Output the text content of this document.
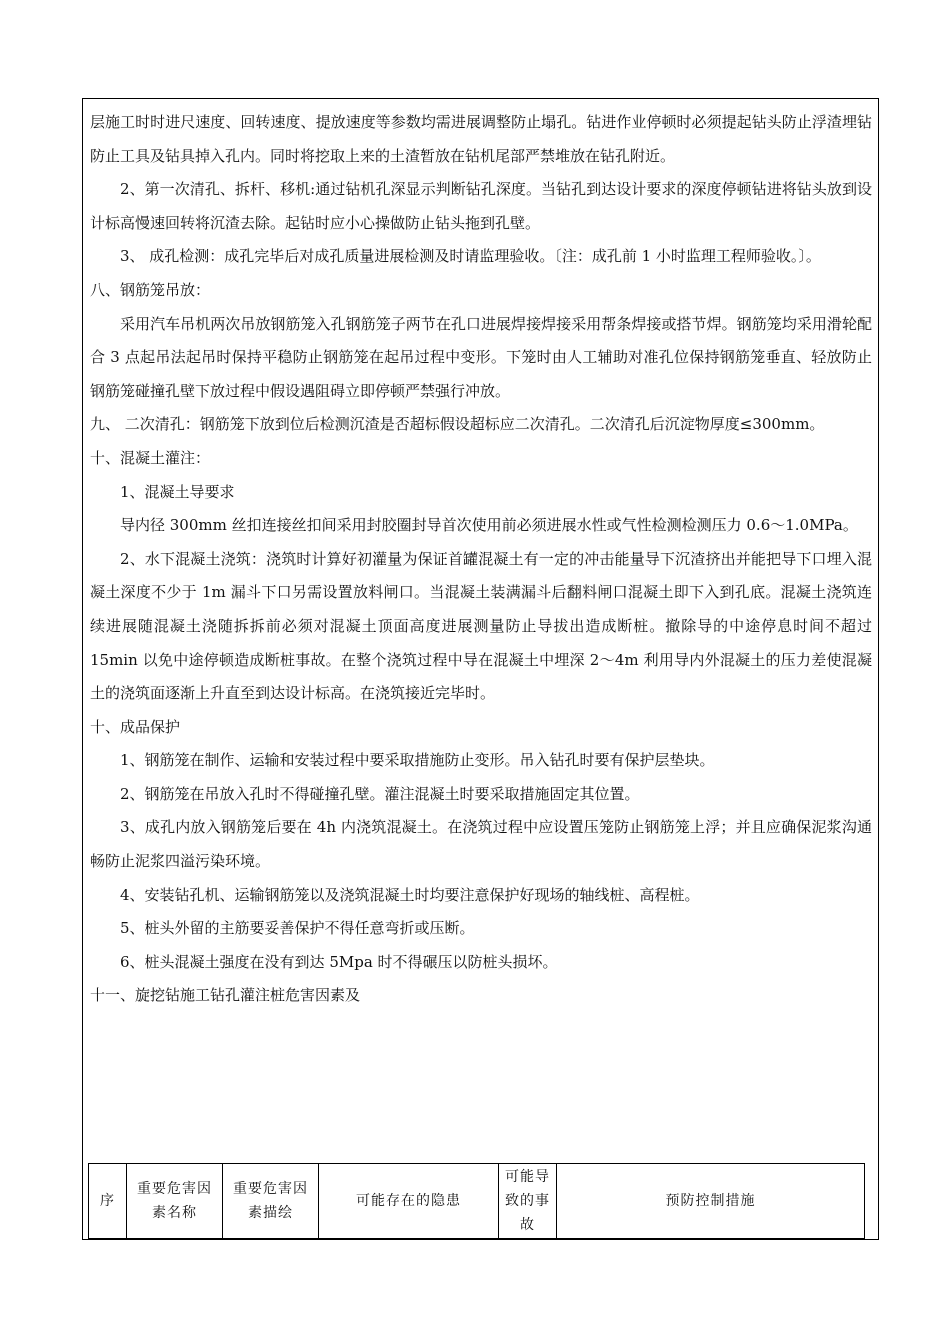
层施工时时进尺速度、回转速度、提放速度等参数均需进展调整防止塌孔。钻进作业停顿时必须提起钻头防止浮渣埋钻防止工具及钻具掉入孔内。同时将挖取上来的土渣暂放在钻机尾部严禁堆放在钻孔附近。

2、第一次清孔、拆杆、移机:通过钻机孔深显示判断钻孔深度。当钻孔到达设计要求的深度停顿钻进将钻头放到设计标高慢速回转将沉渣去除。起钻时应小心操做防止钻头拖到孔壁。

3、 成孔检测：成孔完毕后对成孔质量进展检测及时请监理验收。〔注：成孔前 1 小时监理工程师验收。〕。

八、钢筋笼吊放：

采用汽车吊机两次吊放钢筋笼入孔钢筋笼子两节在孔口进展焊接焊接采用帮条焊接或搭节焊。钢筋笼均采用滑轮配合 3 点起吊法起吊时保持平稳防止钢筋笼在起吊过程中变形。下笼时由人工辅助对准孔位保持钢筋笼垂直、轻放防止钢筋笼碰撞孔壁下放过程中假设遇阻碍立即停顿严禁强行冲放。

九、 二次清孔：钢筋笼下放到位后检测沉渣是否超标假设超标应二次清孔。二次清孔后沉淀物厚度≤300mm。

十、混凝土灌注：

1、混凝土导要求

导内径 300mm 丝扣连接丝扣间采用封胶圈封导首次使用前必须进展水性或气性检测检测压力 0.6～1.0MPa。

2、水下混凝土浇筑：浇筑时计算好初灌量为保证首罐混凝土有一定的冲击能量导下沉渣挤出并能把导下口埋入混凝土深度不少于 1m 漏斗下口另需设置放料闸口。当混凝土装满漏斗后翻料闸口混凝土即下入到孔底。混凝土浇筑连续进展随混凝土浇随拆拆前必须对混凝土顶面高度进展测量防止导拔出造成断桩。撤除导的中途停息时间不超过 15min 以免中途停顿造成断桩事故。在整个浇筑过程中导在混凝土中埋深 2～4m 利用导内外混凝土的压力差使混凝土的浇筑面逐渐上升直至到达设计标高。在浇筑接近完毕时。

十、成品保护

1、钢筋笼在制作、运输和安装过程中要采取措施防止变形。吊入钻孔时要有保护层垫块。

2、钢筋笼在吊放入孔时不得碰撞孔壁。灌注混凝土时要采取措施固定其位置。

3、成孔内放入钢筋笼后要在 4h 内浇筑混凝土。在浇筑过程中应设置压笼防止钢筋笼上浮；并且应确保泥浆沟通畅防止泥浆四溢污染环境。

4、安装钻孔机、运输钢筋笼以及浇筑混凝土时均要注意保护好现场的轴线桩、高程桩。

5、桩头外留的主筋要妥善保护不得任意弯折或压断。

6、桩头混凝土强度在没有到达 5Mpa 时不得碾压以防桩头损坏。

十一、旋挖钻施工钻孔灌注桩危害因素及

序	重要危害因素名称	重要危害因素描绘	可能存在的隐患	可能导致的事故	预防控制措施
